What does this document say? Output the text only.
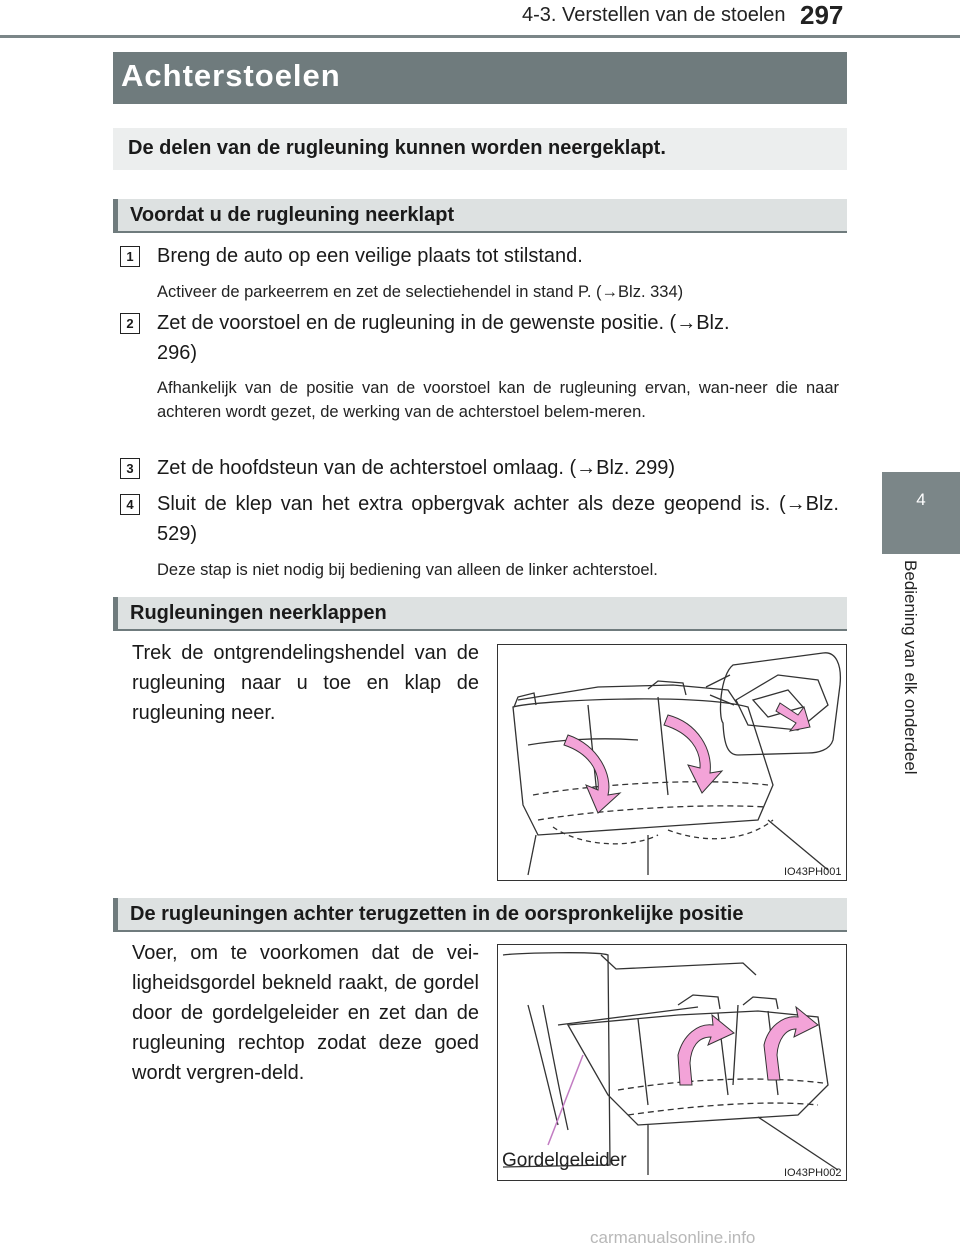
4-3. Verstellen van de stoelen 297
4
Bediening van elk onderdeel
Achterstoelen
De delen van de rugleuning kunnen worden neergeklapt.
Voordat u de rugleuning neerklapt
1	Breng de auto op een veilige plaats tot stilstand.
Activeer de parkeerrem en zet de selectiehendel in stand P. (→Blz. 334)
2	Zet de voorstoel en de rugleuning in de gewenste positie. (→Blz. 296)
Afhankelijk van de positie van de voorstoel kan de rugleuning ervan, wan-neer die naar achteren wordt gezet, de werking van de achterstoel belem-meren.
3	Zet de hoofdsteun van de achterstoel omlaag. (→Blz. 299)
4	Sluit de klep van het extra opbergvak achter als deze geopend is. (→Blz. 529)
Deze stap is niet nodig bij bediening van alleen de linker achterstoel.
Rugleuningen neerklappen
Trek de ontgrendelingshendel van de rugleuning naar u toe en klap de rugleuning neer.
IO43PH001
De rugleuningen achter terugzetten in de oorspronkelijke positie
Voer, om te voorkomen dat de vei-ligheidsgordel bekneld raakt, de gordel door de gordelgeleider en zet dan de rugleuning rechtop zodat deze goed wordt vergren-deld.
Gordelgeleider
IO43PH002
carmanualsonline.info
